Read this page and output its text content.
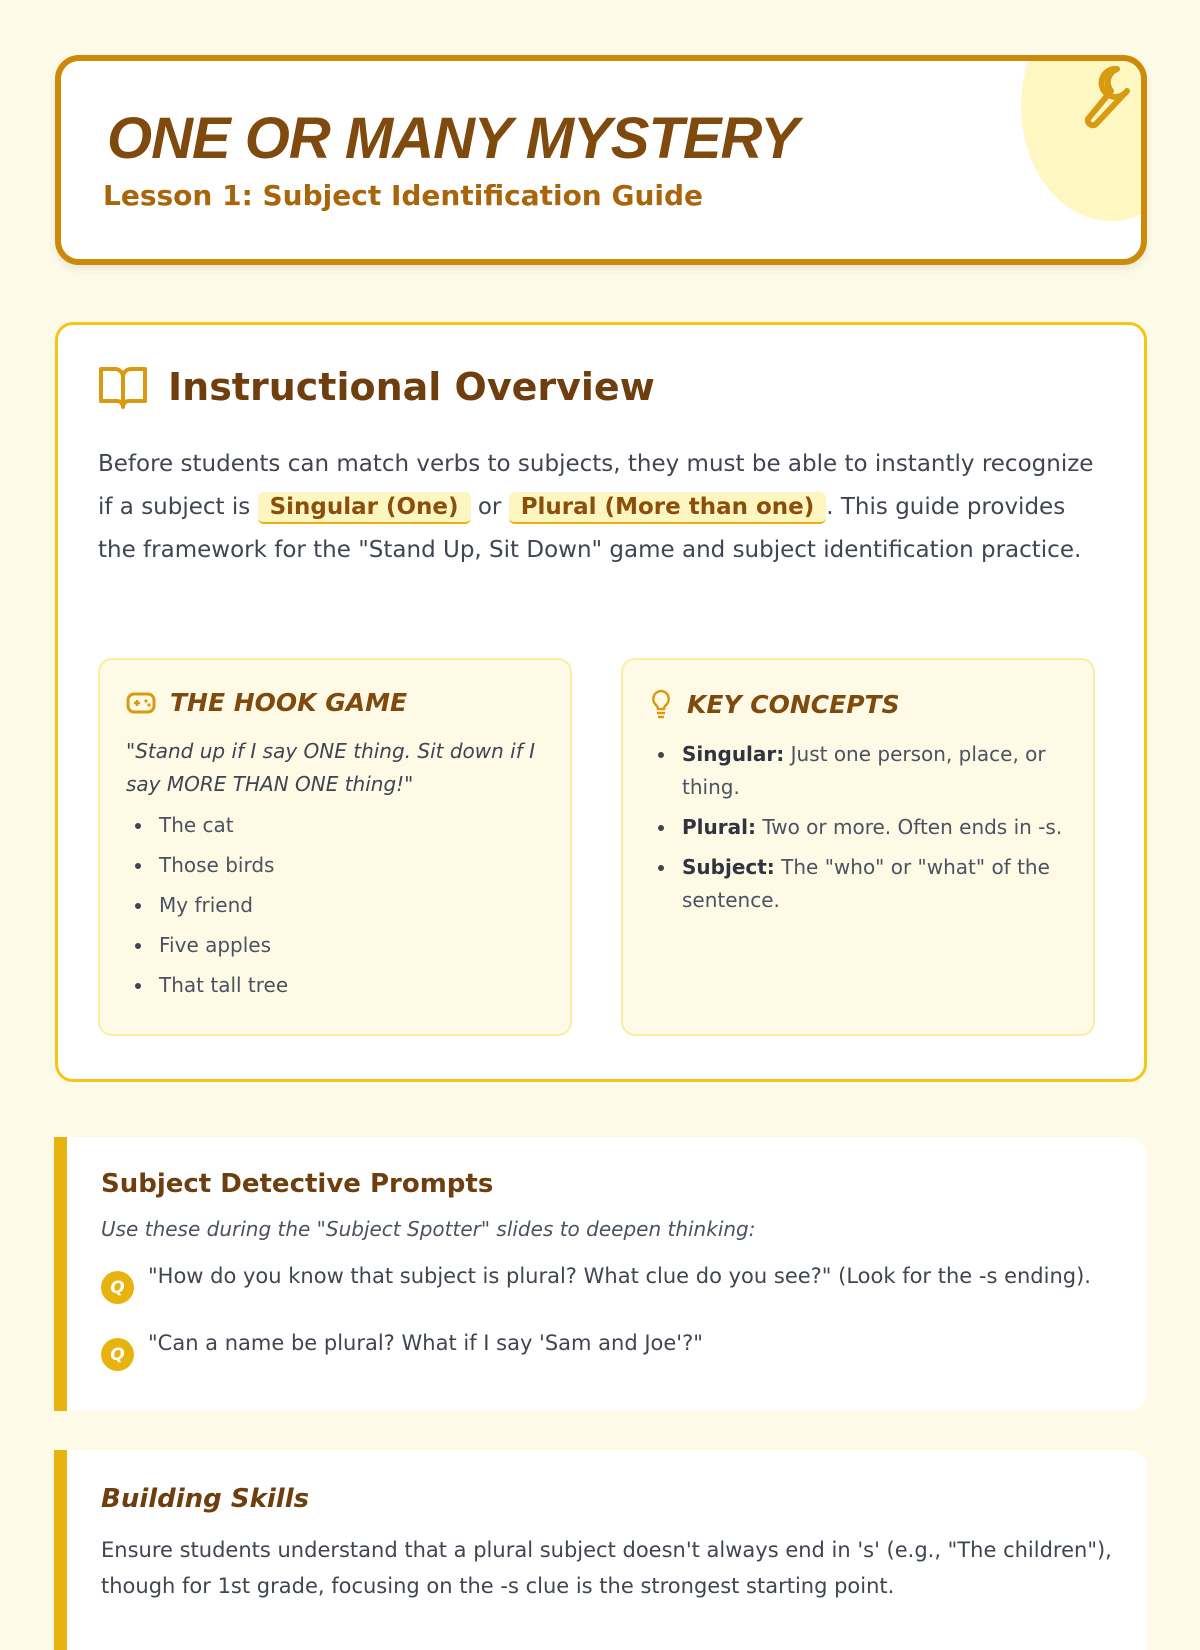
ONE OR MANY MYSTERY
Lesson 1: Subject Identification Guide
Instructional Overview

Before students can match verbs to subjects, they must be able to instantly recognize if a subject is Singular (One) or Plural (More than one) . This guide provides the framework for the "Stand Up, Sit Down" game and subject identification practice.

THE HOOK GAME
"Stand up if I say ONE thing. Sit down if I say MORE THAN ONE thing!"
The cat
Those birds
My friend
Five apples
That tall tree
KEY CONCEPTS
Singular: Just one person, place, or thing.
Plural: Two or more. Often ends in -s.
Subject: The "who" or "what" of the sentence.
Subject Detective Prompts
Use these during the "Subject Spotter" slides to deepen thinking:
Q	"How do you know that subject is plural? What clue do you see?" (Look for the -s ending).
Q	"Can a name be plural? What if I say 'Sam and Joe'?"
Building Skills

Ensure students understand that a plural subject doesn't always end in 's' (e.g., "The children"), though for 1st grade, focusing on the -s clue is the strongest starting point.
